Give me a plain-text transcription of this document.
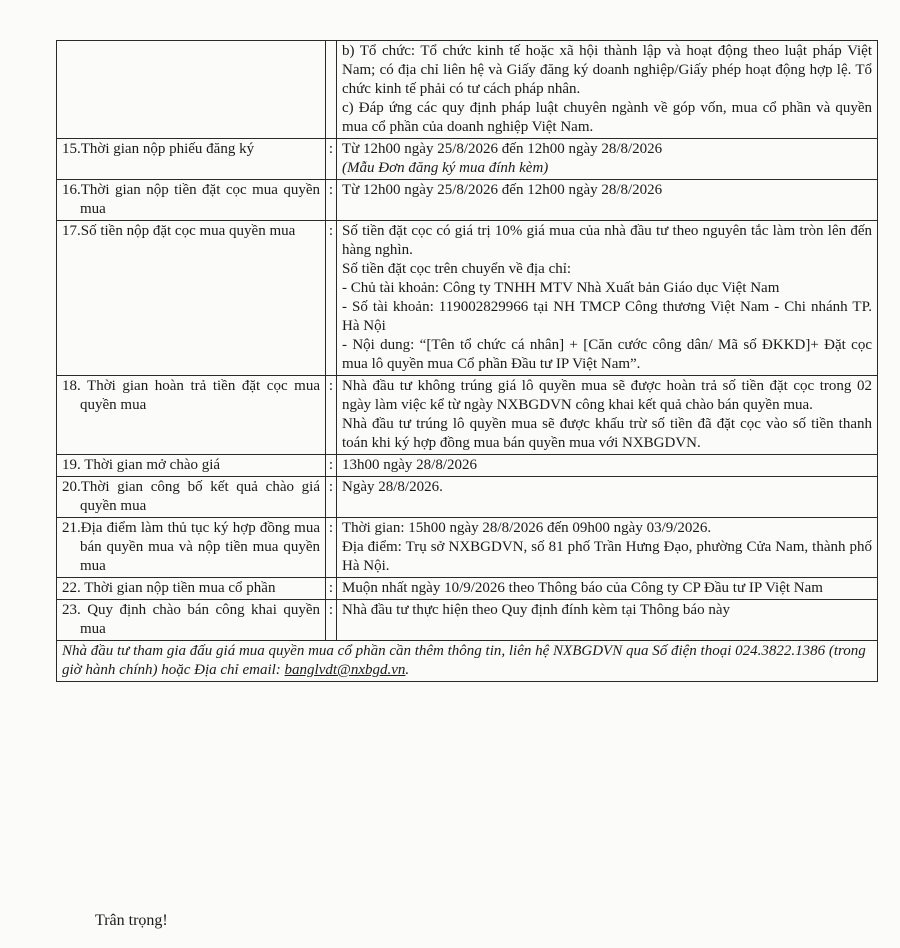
		b) Tổ chức: Tổ chức kinh tế hoặc xã hội thành lập và hoạt động theo luật pháp Việt Nam; có địa chỉ liên hệ và Giấy đăng ký doanh nghiệp/Giấy phép hoạt động hợp lệ. Tổ chức kinh tế phải có tư cách pháp nhân.
c) Đáp ứng các quy định pháp luật chuyên ngành về góp vốn, mua cổ phần và quyền mua cổ phần của doanh nghiệp Việt Nam.

15.Thời gian nộp phiếu đăng ký	:	Từ 12h00 ngày 25/8/2026 đến 12h00 ngày 28/8/2026
(Mẫu Đơn đăng ký mua đính kèm)

16.Thời gian nộp tiền đặt cọc mua quyền mua	:	Từ 12h00 ngày 25/8/2026 đến 12h00 ngày 28/8/2026

17.Số tiền nộp đặt cọc mua quyền mua	:	Số tiền đặt cọc có giá trị 10% giá mua của nhà đầu tư theo nguyên tắc làm tròn lên đến hàng nghìn.
Số tiền đặt cọc trên chuyển về địa chỉ:
- Chủ tài khoản: Công ty TNHH MTV Nhà Xuất bản Giáo dục Việt Nam
- Số tài khoản: 119002829966 tại NH TMCP Công thương Việt Nam - Chi nhánh TP. Hà Nội
- Nội dung: “[Tên tổ chức cá nhân] + [Căn cước công dân/ Mã số ĐKKD]+ Đặt cọc mua lô quyền mua Cổ phần Đầu tư IP Việt Nam”.

18. Thời gian hoàn trả tiền đặt cọc mua quyền mua	:	Nhà đầu tư không trúng giá lô quyền mua sẽ được hoàn trả số tiền đặt cọc trong 02 ngày làm việc kể từ ngày NXBGDVN công khai kết quả chào bán quyền mua.
Nhà đầu tư trúng lô quyền mua sẽ được khấu trừ số tiền đã đặt cọc vào số tiền thanh toán khi ký hợp đồng mua bán quyền mua với NXBGDVN.

19. Thời gian mở chào giá	:	13h00 ngày 28/8/2026

20.Thời gian công bố kết quả chào giá quyền mua	:	Ngày 28/8/2026.

21.Địa điểm làm thủ tục ký hợp đồng mua bán quyền mua và nộp tiền mua quyền mua	:	Thời gian: 15h00 ngày 28/8/2026 đến 09h00 ngày 03/9/2026.
Địa điểm: Trụ sở NXBGDVN, số 81 phố Trần Hưng Đạo, phường Cửa Nam, thành phố Hà Nội.

22. Thời gian nộp tiền mua cổ phần	:	Muộn nhất ngày 10/9/2026 theo Thông báo của Công ty CP Đầu tư IP Việt Nam

23. Quy định chào bán công khai quyền mua	:	Nhà đầu tư thực hiện theo Quy định đính kèm tại Thông báo này

Nhà đầu tư tham gia đấu giá mua quyền mua cổ phần cần thêm thông tin, liên hệ NXBGDVN qua Số điện thoại 024.3822.1386 (trong giờ hành chính) hoặc Địa chỉ email: banglvdt@nxbgd.vn.		
Trân trọng!
